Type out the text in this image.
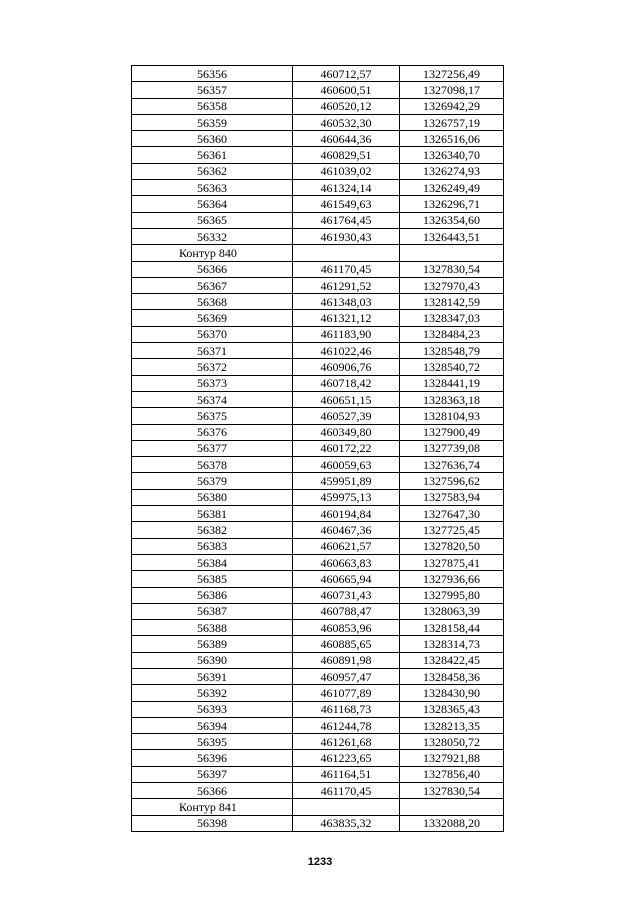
56356	460712,57	1327256,49
56357	460600,51	1327098,17
56358	460520,12	1326942,29
56359	460532,30	1326757,19
56360	460644,36	1326516,06
56361	460829,51	1326340,70
56362	461039,02	1326274,93
56363	461324,14	1326249,49
56364	461549,63	1326296,71
56365	461764,45	1326354,60
56332	461930,43	1326443,51
Контур 840		
56366	461170,45	1327830,54
56367	461291,52	1327970,43
56368	461348,03	1328142,59
56369	461321,12	1328347,03
56370	461183,90	1328484,23
56371	461022,46	1328548,79
56372	460906,76	1328540,72
56373	460718,42	1328441,19
56374	460651,15	1328363,18
56375	460527,39	1328104,93
56376	460349,80	1327900,49
56377	460172,22	1327739,08
56378	460059,63	1327636,74
56379	459951,89	1327596,62
56380	459975,13	1327583,94
56381	460194,84	1327647,30
56382	460467,36	1327725,45
56383	460621,57	1327820,50
56384	460663,83	1327875,41
56385	460665,94	1327936,66
56386	460731,43	1327995,80
56387	460788,47	1328063,39
56388	460853,96	1328158,44
56389	460885,65	1328314,73
56390	460891,98	1328422,45
56391	460957,47	1328458,36
56392	461077,89	1328430,90
56393	461168,73	1328365,43
56394	461244,78	1328213,35
56395	461261,68	1328050,72
56396	461223,65	1327921,88
56397	461164,51	1327856,40
56366	461170,45	1327830,54
Контур 841		
56398	463835,32	1332088,20
1233
